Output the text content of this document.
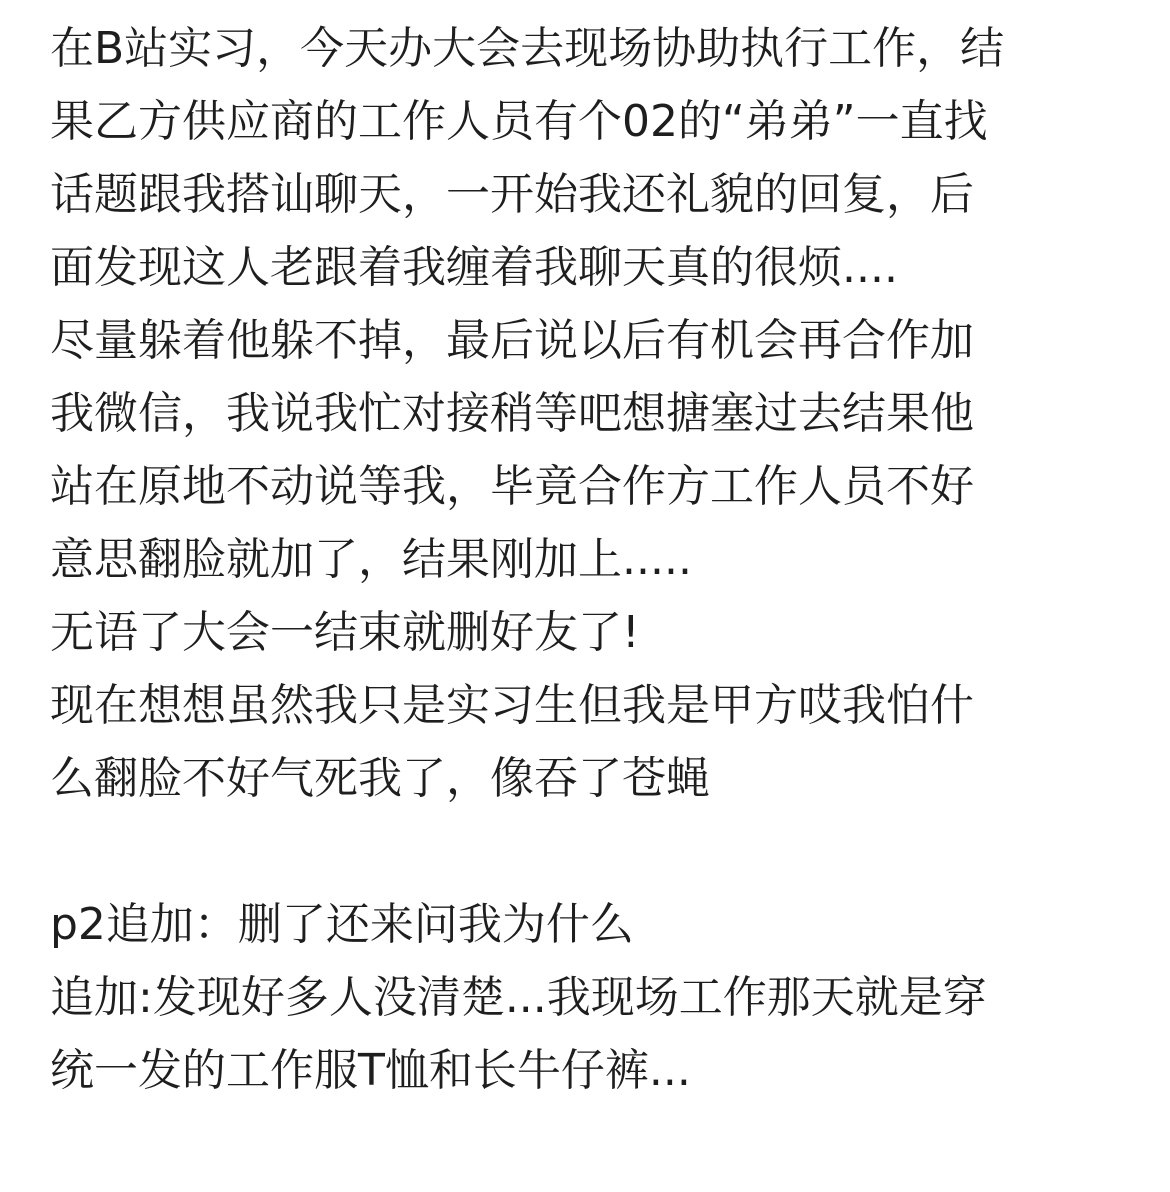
在B站实习，今天办大会去现场协助执行工作，结
果乙方供应商的工作人员有个02的“弟弟”一直找
话题跟我搭讪聊天，一开始我还礼貌的回复，后
面发现这人老跟着我缠着我聊天真的很烦....
尽量躲着他躲不掉，最后说以后有机会再合作加
我微信，我说我忙对接稍等吧想搪塞过去结果他
站在原地不动说等我，毕竟合作方工作人员不好
意思翻脸就加了，结果刚加上.....
无语了大会一结束就删好友了!
现在想想虽然我只是实习生但我是甲方哎我怕什
么翻脸不好气死我了，像吞了苍蝇
p2追加：删了还来问我为什么
追加:发现好多人没清楚...我现场工作那天就是穿
统一发的工作服T恤和长牛仔裤...
